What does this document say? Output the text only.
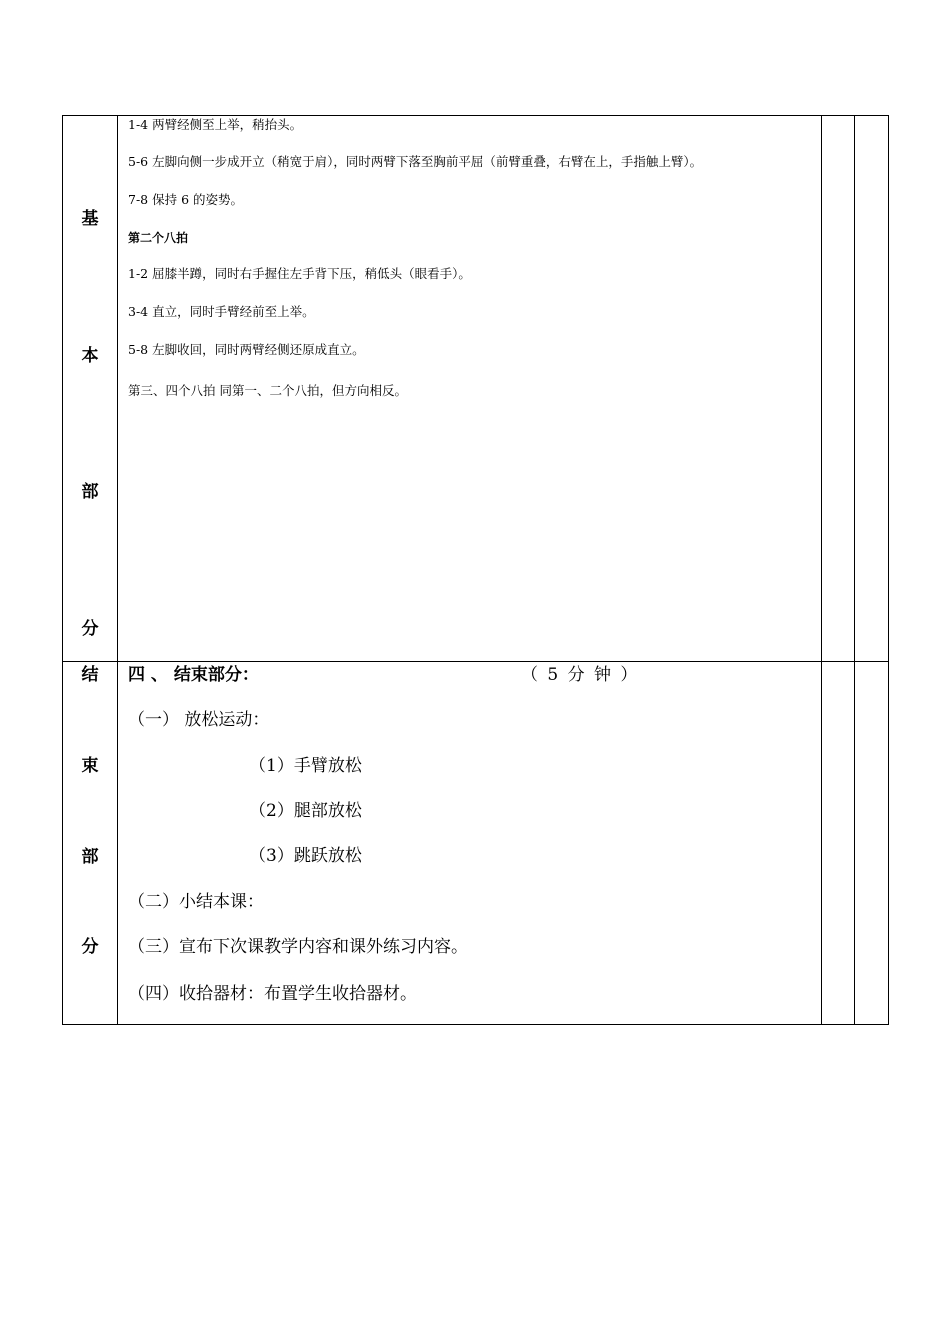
基
本
部
分
1-4 两臂经侧至上举，稍抬头。
5-6 左脚向侧一步成开立（稍宽于肩），同时两臂下落至胸前平屈（前臂重叠，右臂在上，手指触上臂）。
7-8 保持 6 的姿势。
第二个八拍
1-2 屈膝半蹲，同时右手握住左手背下压，稍低头（眼看手）。
3-4 直立，同时手臂经前至上举。
5-8 左脚收回，同时两臂经侧还原成直立。
第三、四个八拍 同第一、二个八拍，但方向相反。
结
束
部
分
四 、 结束部分：	（ 5 分 钟 ）
（一） 放松运动：
（1）手臂放松
（2）腿部放松
（3）跳跃放松
（二）小结本课：
（三）宣布下次课教学内容和课外练习内容。
（四）收拾器材：布置学生收拾器材。
